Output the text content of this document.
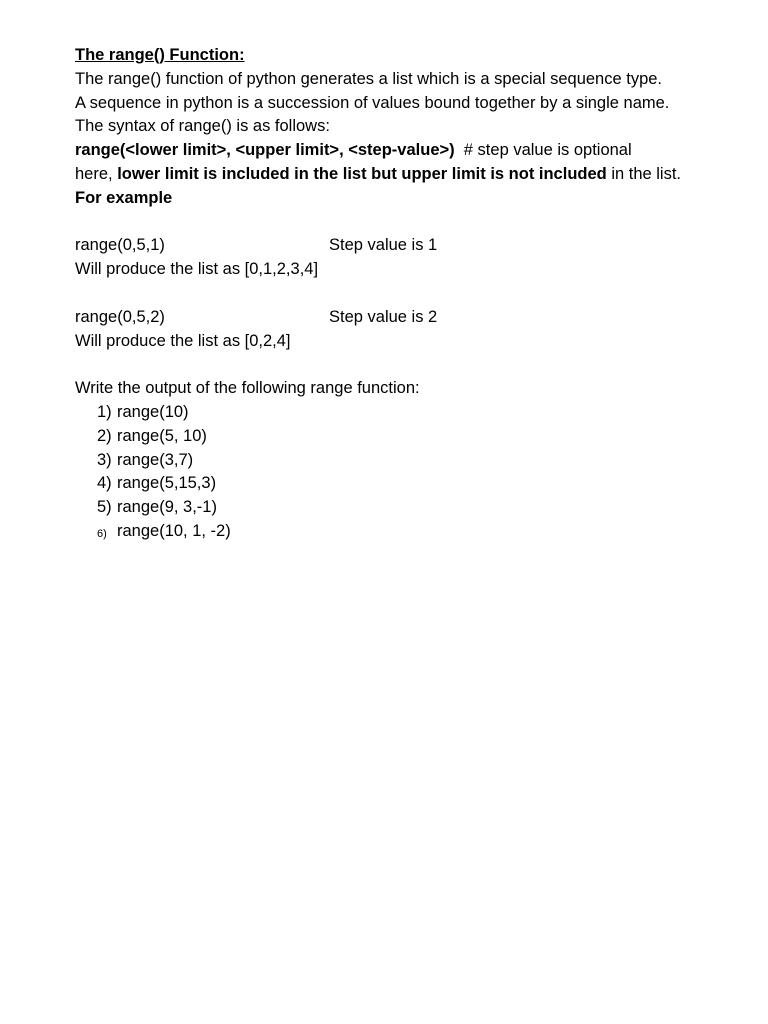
The range() Function:
The range() function of python generates a list which is a special sequence type.
A sequence in python is a succession of values bound together by a single name.
The syntax of range() is as follows:
range(<lower limit>, <upper limit>, <step-value>)  # step value is optional
here, lower limit is included in the list but upper limit is not included in the list.
For example
range(0,5,1)	Step value is 1
Will produce the list as [0,1,2,3,4]
range(0,5,2)	Step value is 2
Will produce the list as [0,2,4]
Write the output of the following range function:
1) range(10)
2) range(5, 10)
3) range(3,7)
4) range(5,15,3)
5) range(9, 3,-1)
6) range(10, 1, -2)
